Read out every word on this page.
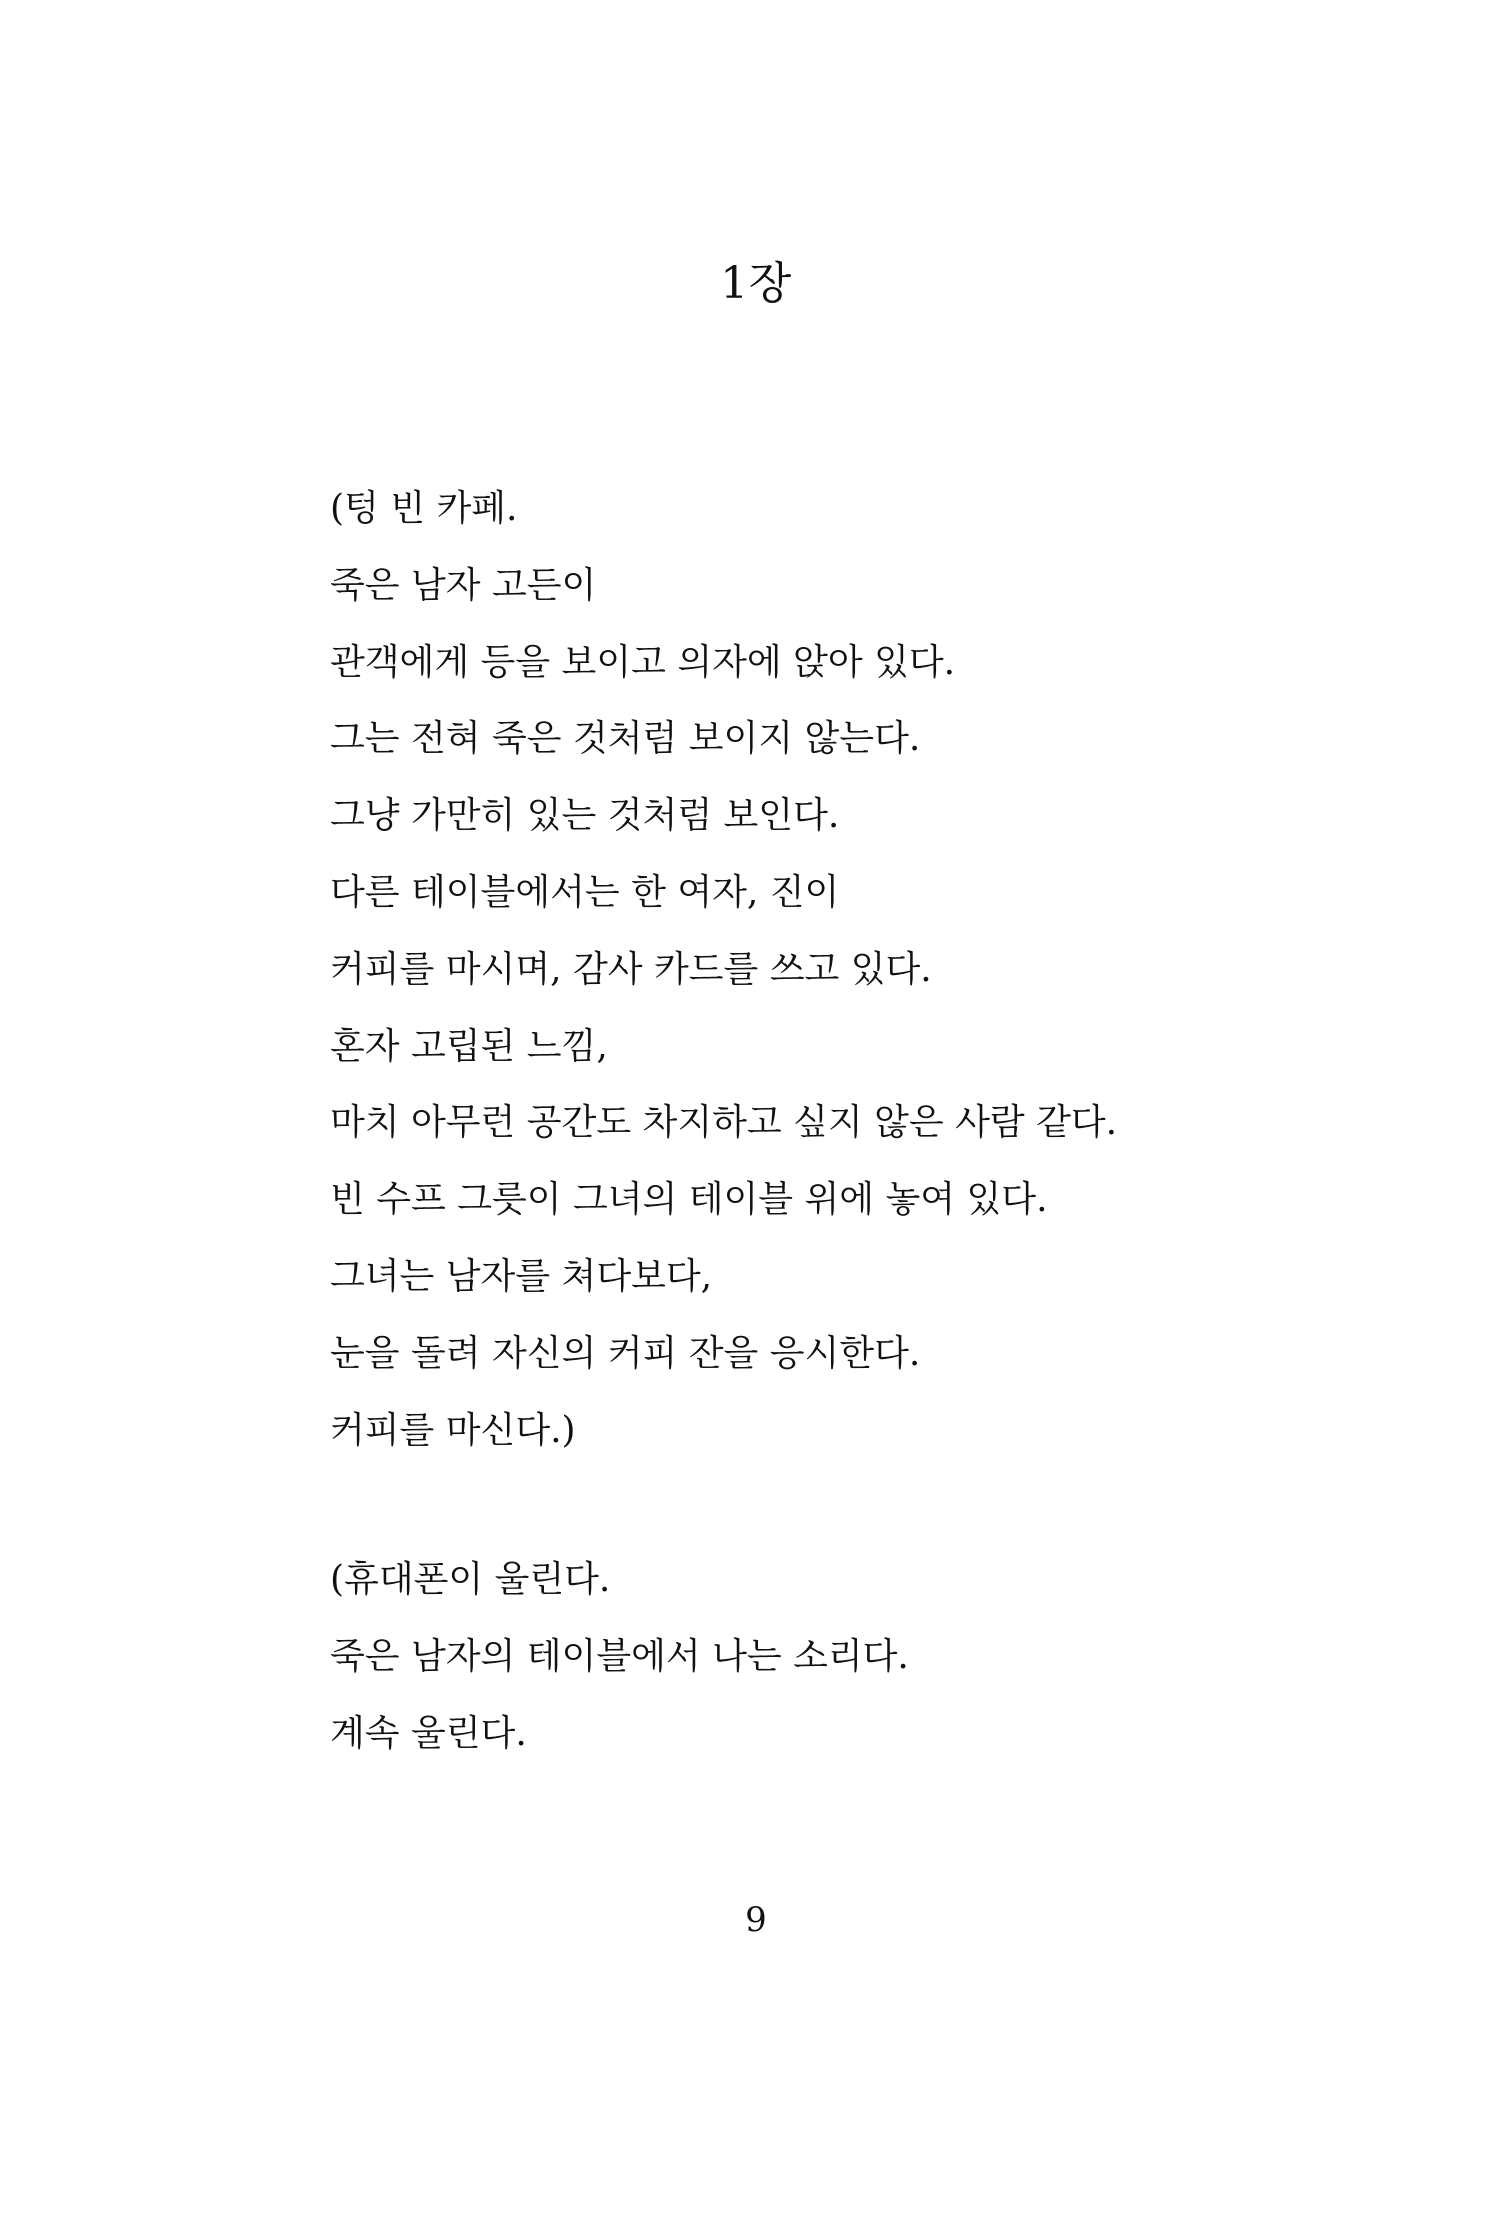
1장
(텅 빈 카페.
죽은 남자 고든이
관객에게 등을 보이고 의자에 앉아 있다.
그는 전혀 죽은 것처럼 보이지 않는다.
그냥 가만히 있는 것처럼 보인다.
다른 테이블에서는 한 여자, 진이
커피를 마시며, 감사 카드를 쓰고 있다.
혼자 고립된 느낌,
마치 아무런 공간도 차지하고 싶지 않은 사람 같다.
빈 수프 그릇이 그녀의 테이블 위에 놓여 있다.
그녀는 남자를 쳐다보다,
눈을 돌려 자신의 커피 잔을 응시한다.
커피를 마신다.)
(휴대폰이 울린다.
죽은 남자의 테이블에서 나는 소리다.
계속 울린다.
9
